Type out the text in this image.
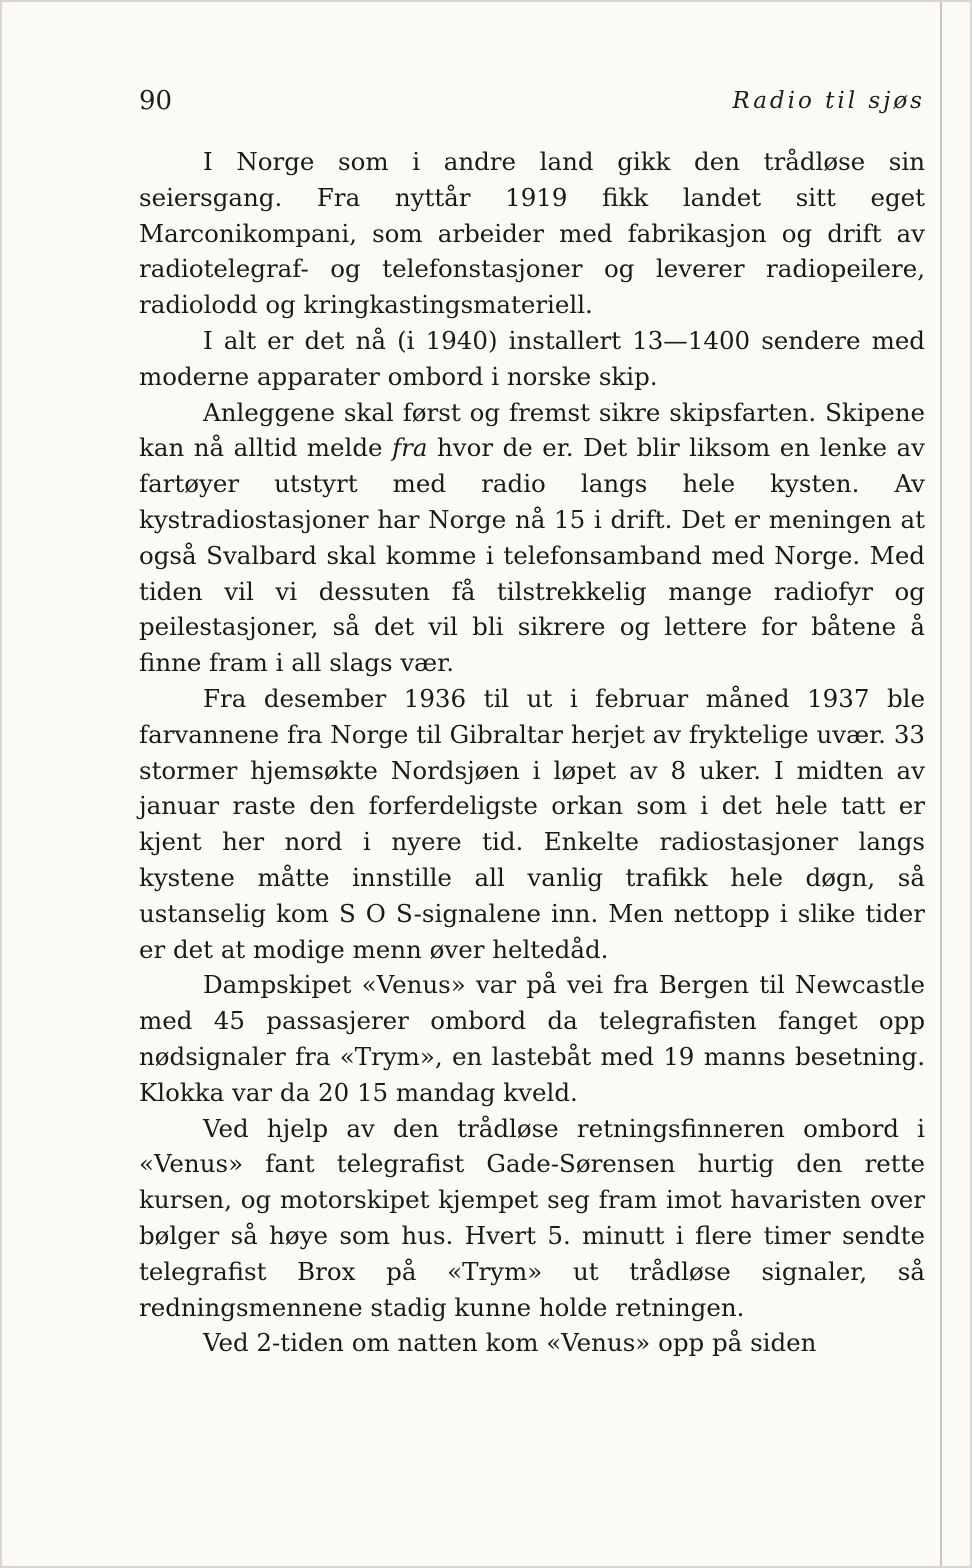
90	Radio til sjøs

I Norge som i andre land gikk den trådløse sin seiersgang. Fra nyttår 1919 fikk landet sitt eget Marconikompani, som arbeider med fabrikasjon og drift av radiotelegraf- og telefonstasjoner og leverer radiopeilere, radiolodd og kringkastingsmateriell.

I alt er det nå (i 1940) installert 13—1400 sendere med moderne apparater ombord i norske skip.

Anleggene skal først og fremst sikre skipsfarten. Skipene kan nå alltid melde fra hvor de er. Det blir liksom en lenke av fartøyer utstyrt med radio langs hele kysten. Av kystradiostasjoner har Norge nå 15 i drift. Det er meningen at også Svalbard skal komme i telefonsamband med Norge. Med tiden vil vi dessuten få tilstrekkelig mange radiofyr og peilestasjoner, så det vil bli sikrere og lettere for båtene å finne fram i all slags vær.

Fra desember 1936 til ut i februar måned 1937 ble farvannene fra Norge til Gibraltar herjet av fryktelige uvær. 33 stormer hjemsøkte Nordsjøen i løpet av 8 uker. I midten av januar raste den forferdeligste orkan som i det hele tatt er kjent her nord i nyere tid. Enkelte radiostasjoner langs kystene måtte innstille all vanlig trafikk hele døgn, så ustanselig kom S O S-signalene inn. Men nettopp i slike tider er det at modige menn øver heltedåd.

Dampskipet «Venus» var på vei fra Bergen til Newcastle med 45 passasjerer ombord da telegrafisten fanget opp nødsignaler fra «Trym», en lastebåt med 19 manns besetning. Klokka var da 20 15 mandag kveld.

Ved hjelp av den trådløse retningsfinneren ombord i «Venus» fant telegrafist Gade-Sørensen hurtig den rette kursen, og motorskipet kjempet seg fram imot havaristen over bølger så høye som hus. Hvert 5. minutt i flere timer sendte telegrafist Brox på «Trym» ut trådløse signaler, så redningsmennene stadig kunne holde retningen.

Ved 2-tiden om natten kom «Venus» opp på siden
